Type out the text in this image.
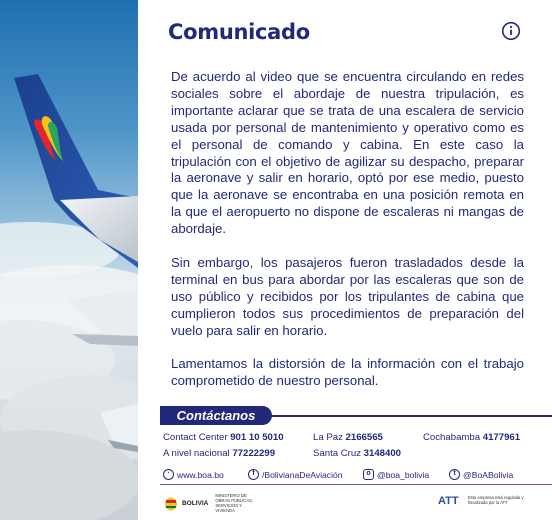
Comunicado

De acuerdo al video que se encuentra circulando en redes sociales sobre el abordaje de nuestra tripulación, es importante aclarar que se trata de una escalera de servicio usada por personal de mantenimiento y operativo como es el personal de comando y cabina. En este caso la tripulación con el objetivo de agilizar su despacho, preparar la aeronave y salir en horario, optó por ese medio, puesto que la aeronave se encontraba en una posición remota en la que el aeropuerto no dispone de escaleras ni mangas de abordaje.

Sin embargo, los pasajeros fueron trasladados desde la terminal en bus para abordar por las escaleras que son de uso público y recibidos por los tripulantes de cabina que cumplieron todos sus procedimientos de preparación del vuelo para salir en horario.

Lamentamos la distorsión de la información con el trabajo comprometido de nuestro personal.

Contáctanos
Contact Center 901 10 5010	La Paz 2166565	Cochabamba 4177961
A nivel nacional 77222299	Santa Cruz 3148400
· www.boa.bo	f /BolivianaDeAviación	o @boa_bolivia	t @BoABolivia
BOLIVIA
MINISTERIO DE OBRAS PÚBLICAS, SERVICIOS Y VIVIENDA
ATT Esta empresa está regulada y fiscalizada por la ATT
